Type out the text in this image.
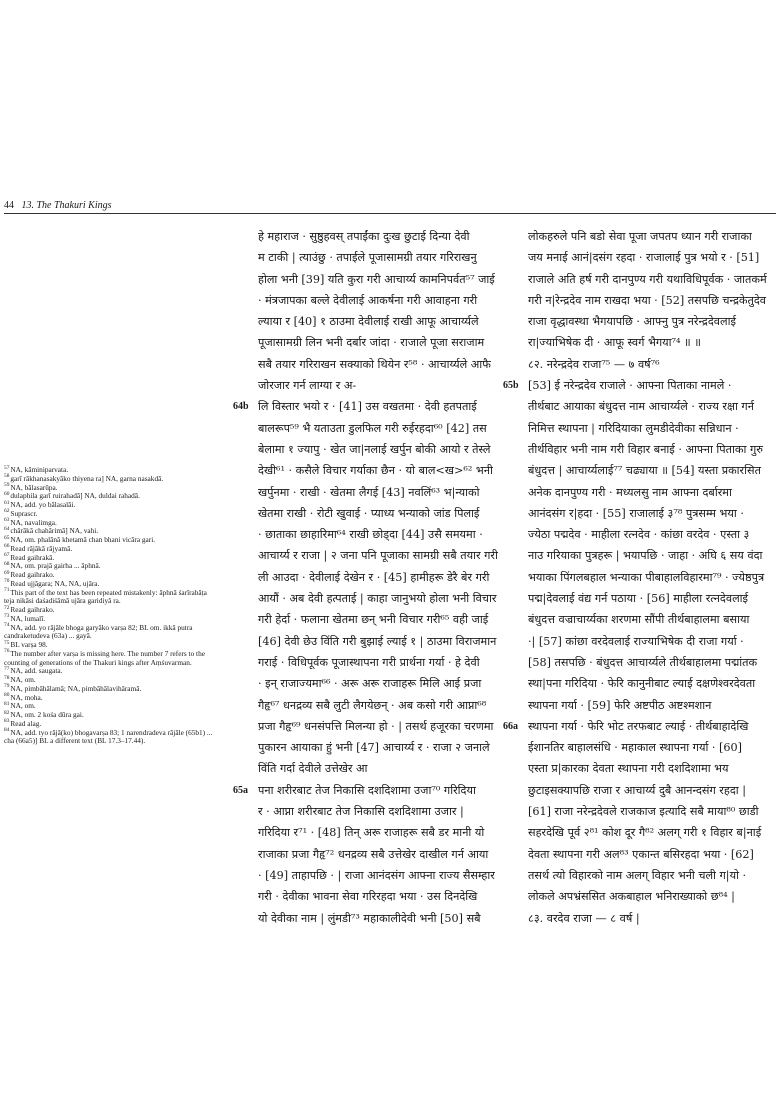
44 13. The Thakuri Kings

$^{57}$NA, kāminiparvata.

$^{58}$garī rākhanasakyāko thiyena ra] NA, garna nasakdā.

$^{59}$NA, bālasarūpa.

$^{60}$dulaphila garī ruirahadā] NA, duldai rahadā.

$^{61}$NA, add. yo bālasalāi.

$^{62}$Suprascr.

$^{63}$NA, navalimga.

$^{64}$chārākā chahārimā] NA, vahi.

$^{65}$NA, om. phalānā khetamā chan bhani vicāra gari.

$^{66}$Read rājākā rājyamā.

$^{67}$Read gaihrakā.

$^{68}$NA, om. prajā gairha ... āphnā.

$^{69}$Read gaihrako.

$^{70}$Read ujjāgara; NA, NA, ujāra.

$^{71}$This part of the text has been repeated mistakenly: āphnā śarīrabāṭa teja nikāsi daśadiśāmā ujāra garidiyā ra.

$^{72}$Read gaihrako.

$^{73}$NA, lumalī.

$^{74}$NA, add. yo rājāle bhoga garyāko varṣa 82; BL om. ikkā putra candraketudeva (63a) ... gayā.

$^{75}$BL varṣa 98.

$^{76}$The number after varṣa is missing here. The number 7 refers to the counting of generations of the Thakuri kings after Aṃśuvarman.

$^{77}$NA, add. saugata.

$^{78}$NA, om.

$^{79}$NA, pimbāhālamā; NA, pimbāhālavihāramā.

$^{80}$NA, moha.

$^{81}$NA, om.

$^{82}$NA, om. 2 kośa dūra gai.

$^{83}$Read alag.

$^{84}$NA, add. tyo rājā(ko) bhogavarṣa 83; 1 narendradeva rājāle (65b1) ... cha (66a5)] BL a different text (BL 17.3–17.44).

हे महाराज · सुष्ठुहवस् तपाईंका दुःख छुटाई दिन्या देवी
म टाकी | त्याउंछु · तपाईले पूजासामग्री तयार गरिराखनु
होला भनी [39] यति कुरा गरी आचार्य्य कामनिपर्वत⁵⁷ जाई
· मंत्रजापका बल्ले देवीलाई आकर्षना गरी आवाहना गरी
ल्याया र [40] १ ठाउमा देवीलाई राखी आफू आचार्य्यले
पूजासामग्री लिन भनी दर्बार जांदा · राजाले पूजा सराजाम
सबै तयार गरिराखन सक्याको थियेन र⁵⁸ · आचार्य्यले आफै
जोरजार गर्न लाग्या र अ-
64b लि विस्तार भयो र · [41] उस वखतमा · देवी हतपताई
बालरूप⁵⁹ भै यताउता डुलफिल गरी रुईरहदा⁶⁰ [42] तस
बेलामा १ ज्यापु · खेत जा|नलाई खर्पुन बोकी आयो र तेस्ले
देखी⁶¹ · कसैले विचार गर्याका छैन · यो बाल<ख>⁶² भनी
खर्पुनमा · राखी · खेतमा लैगई [43] नवलिं⁶³ भ|न्याको
खेतमा राखी · रोटी खुवाई · प्याध्य भन्याको जांड पिलाई
· छाताका छाहारिमा⁶⁴ राखी छोड्दा [44] उसै समयमा ·
आचार्य्य र राजा | २ जना पनि पूजाका सामग्री सबै तयार गरी
ली आउदा · देवीलाई देखेन र · [45] हामीहरू डेरै बेर गरी
आयौं · अब देवी हत्पताई | काहा जानुभयो होला भनी विचार
गरी हेर्दा · फलाना खेतमा छन् भनी विचार गरी⁶⁵ वही जाई
[46] देवी छेउ विंति गरी बुझाई ल्याई १ | ठाउमा विराजमान
गराई · विधिपूर्वक पूजास्थापना गरी प्रार्थना गर्या · हे देवी
· इन् राजाज्यमा⁶⁶ · अरू अरू राजाहरू मिलि आई प्रजा
गैहृ⁶⁷ धनद्रव्य सबै लुटी लैगयेछन् · अब कसो गरी आप्ना⁶⁸
प्रजा गैहृ⁶⁹ धनसंपत्ति मिलन्या हो · | तसर्थ हजूरका चरणमा
पुकारन आयाका हुं भनी [47] आचार्य्य र · राजा २ जनाले
विंति गर्दा देवीले उत्तेखेर आ
65a पना शरीरबाट तेज निकासि दशदिशामा उजा⁷⁰ गरिदिया
र · आप्ना शरीरबाट तेज निकासि दशदिशामा उजार |
गरिदिया र⁷¹ · [48] तिन् अरू राजाहरू सबै डर मानी यो
राजाका प्रजा गैहृ⁷² धनद्रव्य सबै उत्तेखेर दाखील गर्न आया
· [49] ताहापछि · | राजा आनंदसंग आफ्ना राज्य सैसम्हार
गरी · देवीका भावना सेवा गरिरहदा भया · उस दिनदेखि
यो देवीका नाम | लुंमडी⁷³ महाकालीदेवी भनी [50] सबै
लोकहरुले पनि बडो सेवा पूजा जपतप ध्यान गरी राजाका
जय मनाई आनं|दसंग रहदा · राजालाई पुत्र भयो र · [51]
राजाले अति हर्ष गरी दानपुण्य गरी यथाविधिपूर्वक · जातकर्म
गरी न|रेन्द्रदेव नाम राखदा भया · [52] तसपछि चन्द्रकेतुदेव
राजा वृद्धावस्था भैगयापछि · आफ्नु पुत्र नरेन्द्रदेवलाई
रा|ज्याभिषेक दी · आफू स्वर्ग भैगया⁷⁴ ॥ ॥
८२. नरेन्द्रदेव राजा⁷⁵ — ७ वर्ष⁷⁶
65b [53] ई नरेन्द्रदेव राजाले · आफ्ना पिताका नामले ·
तीर्थबाट आयाका बंधुदत्त नाम आचार्य्यले · राज्य रक्षा गर्न
निमित्त स्थापना | गरिदियाका लुमडीदेवीका सन्निधान ·
तीर्थविहार भनी नाम गरी विहार बनाई · आफ्ना पिताका गुरु
बंधुदत्त | आचार्य्यलाई⁷⁷ चढ्याया ॥ [54] यस्ता प्रकारसित
अनेक दानपुण्य गरी · मध्यलसु नाम आफ्ना दर्बारमा
आनंदसंग र|हदा · [55] राजालाई ३⁷⁸ पुत्रसम्म भया ·
ज्येठा पद्मदेव · माहीला रत्नदेव · कांछा वरदेव · एस्ता ३
नाउ गरियाका पुत्रहरू | भयापछि · जाहा · अघि ६ सय वंदा
भयाका पिंगलबहाल भन्याका पीबाहालविहारमा⁷⁹ · ज्येष्ठपुत्र
पद्म|देवलाई वंद्य गर्न पठाया · [56] माहीला रत्नदेवलाई
बंधुदत्त वज्राचार्य्यका शरणमा सौंपी तीर्थबाहालमा बसाया
·| [57] कांछा वरदेवलाई राज्याभिषेक दी राजा गर्या ·
[58] तसपछि · बंधुदत्त आचार्य्यले तीर्थबाहालमा पद्मांतक
स्था|पना गरिदिया · फेरि कानुनीबाट ल्याई दक्षणेश्वरदेवता
स्थापना गर्या · [59] फेरि अष्टपीठ अष्टश्मशान
66a स्थापना गर्या · फेरि भोट तरफबाट ल्याई · तीर्थबाहादेखि
ईशानतिर बाहालसंधि · महाकाल स्थापना गर्या · [60]
एस्ता प्र|कारका देवता स्थापना गरी दशदिशामा भय
छुटाइसक्यापछि राजा र आचार्य्य दुबै आनन्दसंग रहदा |
[61] राजा नरेन्द्रदेवले राजकाज इत्यादि सबै माया⁸⁰ छाडी
सहरदेखि पूर्व २⁸¹ कोश दूर गै⁸² अलग् गरी १ विहार ब|नाई
देवता स्थापना गरी अल⁸³ एकान्त बसिरहदा भया · [62]
तसर्थ त्यो विहारको नाम अलग् विहार भनी चली ग|यो ·
लोकले अपभ्रंससित अकबाहाल भनिराख्याको छ⁸⁴ |
८३. वरदेव राजा — ८ वर्ष |
